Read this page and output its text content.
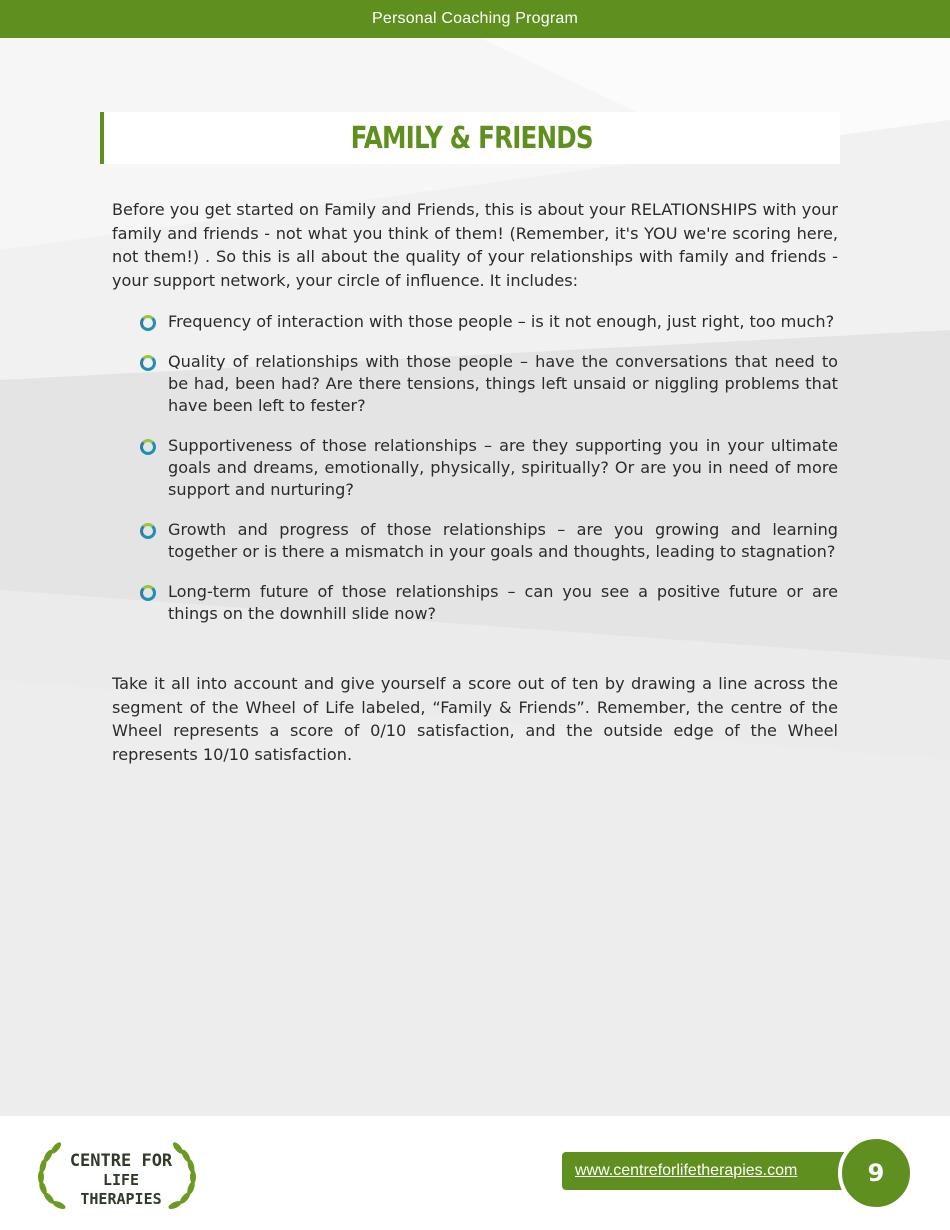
Personal Coaching Program
FAMILY & FRIENDS

Before you get started on Family and Friends, this is about your RELATIONSHIPS with your family and friends - not what you think of them! (Remember, it's YOU we're scoring here, not them!) . So this is all about the quality of your relationships with family and friends - your support network, your circle of influence. It includes:

Frequency of interaction with those people – is it not enough, just right, too much?
Quality of relationships with those people – have the conversations that need to be had, been had? Are there tensions, things left unsaid or niggling problems that have been left to fester?
Supportiveness of those relationships – are they supporting you in your ultimate goals and dreams, emotionally, physically, spiritually? Or are you in need of more support and nurturing?
Growth and progress of those relationships – are you growing and learning together or is there a mismatch in your goals and thoughts, leading to stagnation?
Long-term future of those relationships – can you see a positive future or are things on the downhill slide now?

Take it all into account and give yourself a score out of ten by drawing a line across the segment of the Wheel of Life labeled, “Family & Friends”. Remember, the centre of the Wheel represents a score of 0/10 satisfaction, and the outside edge of the Wheel represents 10/10 satisfaction.

CENTRE FOR
LIFE THERAPIES
www.centreforlifetherapies.com	9
